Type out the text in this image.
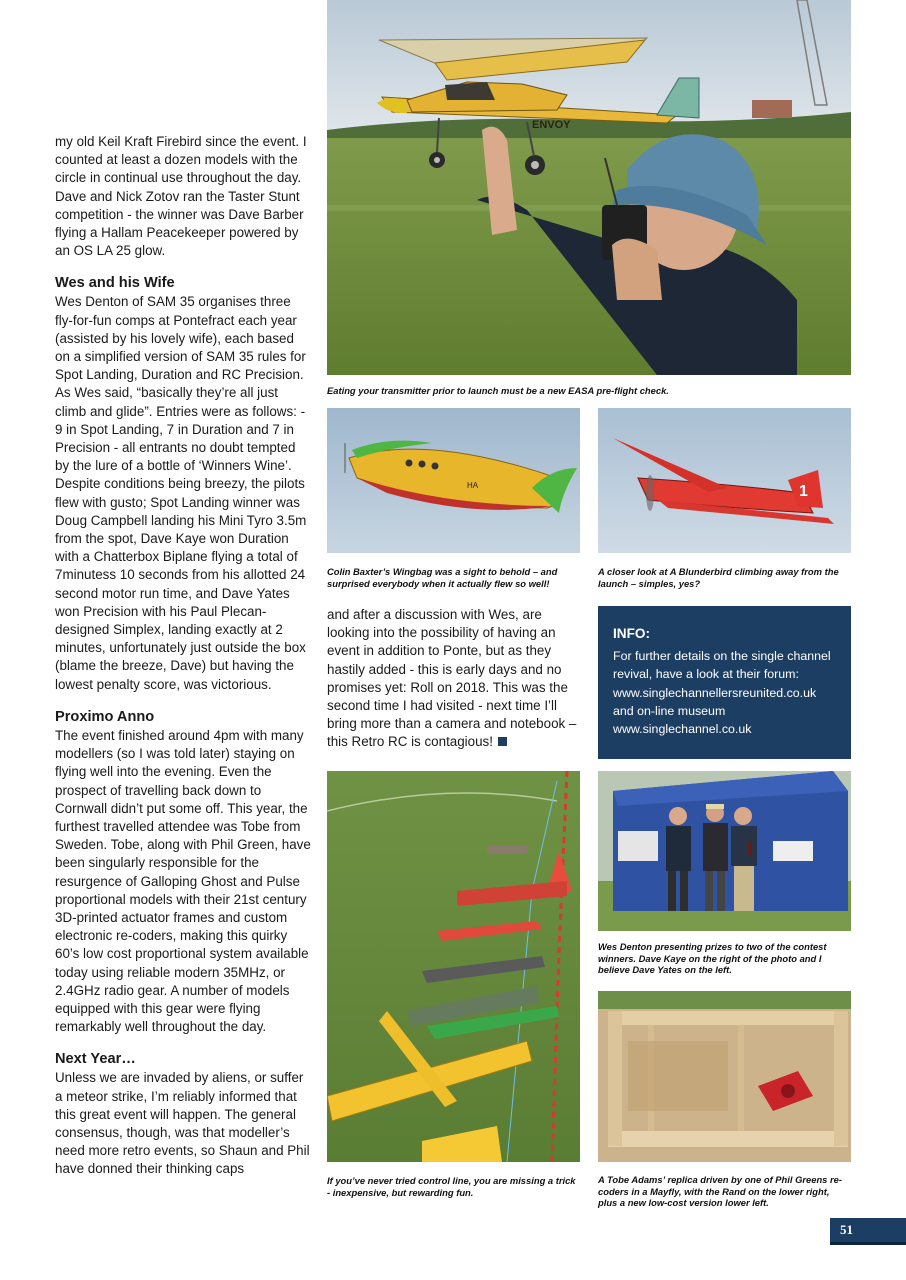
my old Keil Kraft Firebird since the event. I counted at least a dozen models with the circle in continual use throughout the day. Dave and Nick Zotov ran the Taster Stunt competition - the winner was Dave Barber flying a Hallam Peacekeeper powered by an OS LA 25 glow.

Wes and his Wife

Wes Denton of SAM 35 organises three fly-for-fun comps at Pontefract each year (assisted by his lovely wife), each based on a simplified version of SAM 35 rules for Spot Landing, Duration and RC Precision. As Wes said, “basically they’re all just climb and glide”. Entries were as follows: - 9 in Spot Landing, 7 in Duration and 7 in Precision - all entrants no doubt tempted by the lure of a bottle of ‘Winners Wine’. Despite conditions being breezy, the pilots flew with gusto; Spot Landing winner was Doug Campbell landing his Mini Tyro 3.5m from the spot, Dave Kaye won Duration with a Chatterbox Biplane flying a total of 7minutess 10 seconds from his allotted 24 second motor run time, and Dave Yates won Precision with his Paul Plecan-designed Simplex, landing exactly at 2 minutes, unfortunately just outside the box (blame the breeze, Dave) but having the lowest penalty score, was victorious.

Proximo Anno

The event finished around 4pm with many modellers (so I was told later) staying on flying well into the evening. Even the prospect of travelling back down to Cornwall didn’t put some off. This year, the furthest travelled attendee was Tobe from Sweden. Tobe, along with Phil Green, have been singularly responsible for the resurgence of Galloping Ghost and Pulse proportional models with their 21st century 3D-printed actuator frames and custom electronic re-coders, making this quirky 60’s low cost proportional system available today using reliable modern 35MHz, or 2.4GHz radio gear. A number of models equipped with this gear were flying remarkably well throughout the day.

Next Year…

Unless we are invaded by aliens, or suffer a meteor strike, I’m reliably informed that this great event will happen. The general consensus, though, was that modeller’s need more retro events, so Shaun and Phil have donned their thinking caps

ENVOY
Eating your transmitter prior to launch must be a new EASA pre-flight check.
HA	1
Colin Baxter’s Wingbag was a sight to behold – and surprised everybody when it actually flew so well!
A closer look at A Blunderbird climbing away from the launch – simples, yes?

and after a discussion with Wes, are looking into the possibility of having an event in addition to Ponte, but as they hastily added - this is early days and no promises yet: Roll on 2018. This was the second time I had visited - next time I’ll bring more than a camera and notebook – this Retro RC is contagious!

INFO:

For further details on the single channel

revival, have a look at their forum:

www.singlechannellersreunited.co.uk

and on-line museum

www.singlechannel.co.uk

If you’ve never tried control line, you are missing a trick - inexpensive, but rewarding fun.
Wes Denton presenting prizes to two of the contest winners. Dave Kaye on the right of the photo and I believe Dave Yates on the left.
A Tobe Adams’ replica driven by one of Phil Greens re-coders in a Mayfly, with the Rand on the lower right, plus a new low-cost version lower left.
51
